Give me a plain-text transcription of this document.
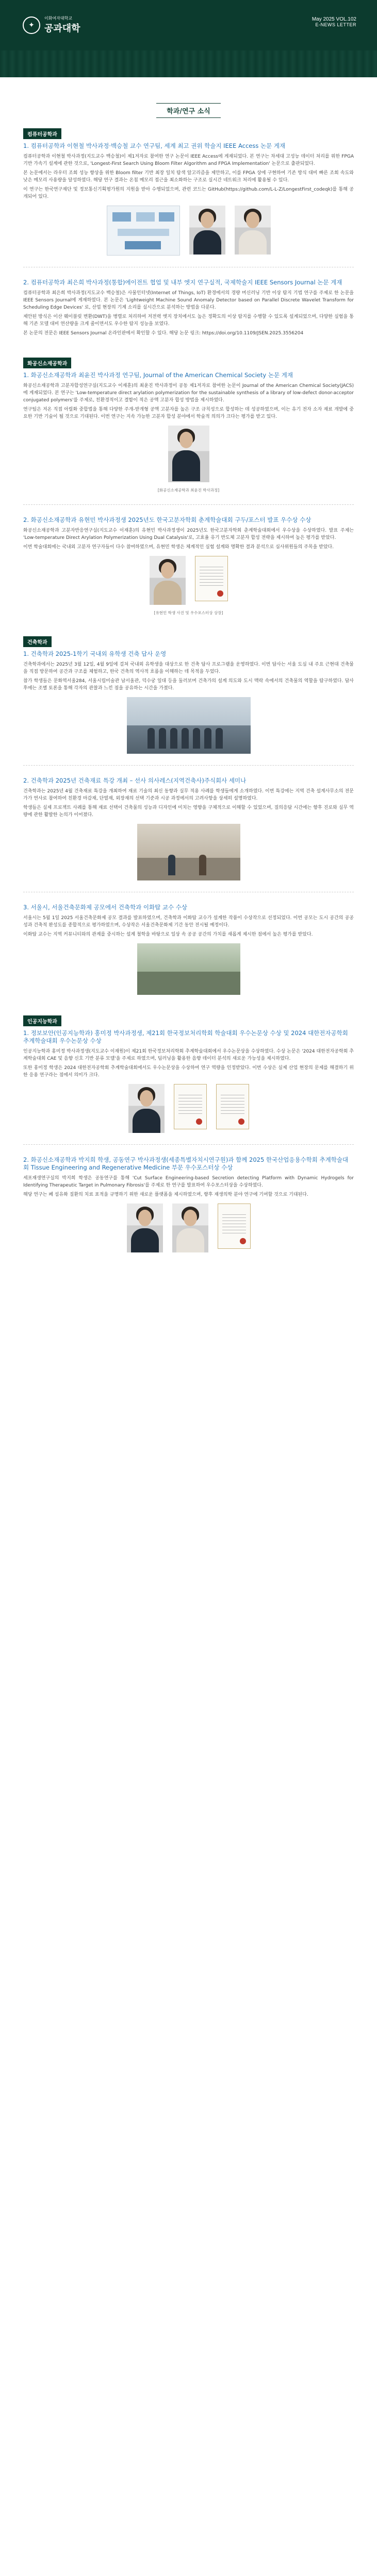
✦
이화여자대학교
공과대학
May 2025 VOL.102
E-NEWS LETTER
학과/연구 소식
컴퓨터공학과
1. 컴퓨터공학과 이현철 박사과정·백승철 교수 연구팀, 세계 최고 권위 학술지 IEEE Access 논문 게재

컴퓨터공학과 이현철 박사과정(지도교수 백승철)이 제1저자로 참여한 연구 논문이 IEEE Access에 게재되었다. 본 연구는 차세대 고성능 데이터 처리를 위한 FPGA 기반 가속기 설계에 관한 것으로, 'Longest-First Search Using Bloom Filter Algorithm and FPGA Implementation' 논문으로 출판되었다.

본 논문에서는 라우터 조회 성능 향상을 위한 Bloom filter 기반 최장 일치 탐색 알고리즘을 제안하고, 이를 FPGA 상에 구현하여 기존 방식 대비 빠른 조회 속도와 낮은 메모리 사용량을 달성하였다. 해당 연구 결과는 온칩 메모리 접근을 최소화하는 구조로 실시간 네트워크 처리에 활용될 수 있다.

이 연구는 한국연구재단 및 정보통신기획평가원의 지원을 받아 수행되었으며, 관련 코드는 GitHub(https://github.com/L-L-Z/LongestFirst_codeqk)를 통해 공개되어 있다.

2. 컴퓨터공학과 최은희 박사과정(통합)에이전트 협업 및 내부 엣지 연구실적, 국제학술지 IEEE Sensors Journal 논문 게재

컴퓨터공학과 최은희 박사과정(지도교수 백승철)은 사물인터넷(Internet of Things, IoT) 환경에서의 경량 머신러닝 기반 이상 탐지 기법 연구를 주제로 한 논문을 IEEE Sensors Journal에 게재하였다. 본 논문은 'Lightweight Machine Sound Anomaly Detector based on Parallel Discrete Wavelet Transform for Scheduling Edge Devices' 로, 산업 현장의 기계 소리를 실시간으로 분석하는 방법을 다룬다.

제안된 방식은 이산 웨이블릿 변환(DWT)을 병렬로 처리하여 저전력 엣지 장치에서도 높은 정확도의 이상 탐지를 수행할 수 있도록 설계되었으며, 다양한 실험을 통해 기존 모델 대비 연산량을 크게 줄이면서도 우수한 탐지 성능을 보였다.

본 논문의 전문은 IEEE Sensors Journal 온라인판에서 확인할 수 있다. 해당 논문 링크: https://doi.org/10.1109/JSEN.2025.3556204

화공신소재공학과
1. 화공신소재공학과 최윤진 박사과정 연구팀, Journal of the American Chemical Society 논문 게재

화공신소재공학과 고분자합성연구실(지도교수 이재훈)의 최윤진 박사과정이 공동 제1저자로 참여한 논문이 Journal of the American Chemical Society(JACS)에 게재되었다. 본 연구는 'Low-temperature direct arylation polymerization for the sustainable synthesis of a library of low-defect donor-acceptor conjugated polymers'를 주제로, 친환경적이고 결함이 적은 공액 고분자 합성 방법을 제시하였다.

연구팀은 저온 직접 아릴화 중합법을 통해 다양한 주개-받개형 공액 고분자를 높은 구조 규칙성으로 합성하는 데 성공하였으며, 이는 유기 전자 소자 재료 개발에 중요한 기반 기술이 될 것으로 기대된다. 이번 연구는 지속 가능한 고분자 합성 분야에서 학술적 의의가 크다는 평가를 받고 있다.

[화공신소재공학과 최윤진 박사과정]
2. 화공신소재공학과 유현민 박사과정생 2025년도 한국고분자학회 춘계학술대회 구두/포스터 발표 우수상 수상

화공신소재공학과 고분자반응연구실(지도교수 이재훈)의 유현민 박사과정생이 2025년도 한국고분자학회 춘계학술대회에서 우수상을 수상하였다. 발표 주제는 'Low-temperature Direct Arylation Polymerization Using Dual Catalysis'로, 고효율 유기 반도체 고분자 합성 전략을 제시하여 높은 평가를 받았다.

이번 학술대회에는 국내외 고분자 연구자들이 다수 참여하였으며, 유현민 학생은 체계적인 실험 설계와 명확한 결과 분석으로 심사위원들의 주목을 받았다.

[유현민 학생 사진 및 우수포스터상 상장]
건축학과
1. 건축학과 2025-1학기 국내외 유학생 건축 답사 운영

건축학과에서는 2025년 3월 12일, 4월 9일에 걸쳐 국내외 유학생을 대상으로 한 건축 답사 프로그램을 운영하였다. 이번 답사는 서울 도심 내 주요 근현대 건축물을 직접 방문하여 공간과 구조를 체험하고, 한국 건축의 역사적 흐름을 이해하는 데 목적을 두었다.

참가 학생들은 문화역서울284, 서울시립미술관 남서울관, 덕수궁 일대 등을 둘러보며 건축가의 설계 의도와 도시 맥락 속에서의 건축물의 역할을 탐구하였다. 답사 후에는 조별 토론을 통해 각자의 관찰과 느낀 점을 공유하는 시간을 가졌다.

2. 건축학과 2025년 건축재료 특강 개최 – 선사 의사레스(지역건축사)주식회사 세미나

건축학과는 2025년 4월 건축재료 특강을 개최하여 재료 기술의 최신 동향과 실무 적용 사례를 학생들에게 소개하였다. 이번 특강에는 지역 건축 설계사무소의 전문가가 연사로 참여하여 친환경 마감재, 단열재, 외장재의 선택 기준과 시공 과정에서의 고려사항을 상세히 설명하였다.

학생들은 실제 프로젝트 사례를 통해 재료 선택이 건축물의 성능과 디자인에 미치는 영향을 구체적으로 이해할 수 있었으며, 질의응답 시간에는 향후 진로와 실무 역량에 관한 활발한 논의가 이어졌다.

3. 서울시, 서울건축문화제 공모에서 건축학과 이화탑 교수 수상

서울시는 5월 1일 2025 서울건축문화제 공모 결과를 발표하였으며, 건축학과 이화탑 교수가 설계한 작품이 수상작으로 선정되었다. 이번 공모는 도시 공간의 공공성과 건축적 완성도를 종합적으로 평가하였으며, 수상작은 서울건축문화제 기간 동안 전시될 예정이다.

이화탑 교수는 지역 커뮤니티와의 관계를 중시하는 설계 철학을 바탕으로 일상 속 공공 공간의 가치를 새롭게 제시한 점에서 높은 평가를 받았다.

인공지능학과
1. 정보보안(인공지능학과) 홍미정 박사과정생, 제21회 한국정보처리학회 학술대회 우수논문상 수상 및 2024 대한전자공학회 추계학술대회 우수논문상 수상

인공지능학과 홍미정 박사과정생(지도교수 이재원)이 제21회 한국정보처리학회 추계학술대회에서 우수논문상을 수상하였다. 수상 논문은 '2024 대한전자공학회 추계학술대회 CAE 및 음향 신호 기반 분류 모델'을 주제로 하였으며, 딥러닝을 활용한 음향 데이터 분석의 새로운 가능성을 제시하였다.

또한 홍미정 학생은 2024 대한전자공학회 추계학술대회에서도 우수논문상을 수상하여 연구 역량을 인정받았다. 이번 수상은 실제 산업 현장의 문제를 해결하기 위한 응용 연구라는 점에서 의미가 크다.

2. 화공신소재공학과 박지희 학생, 공동연구 박사과정생(세종특별자치시연구원)과 함께 2025 한국산업응용수학회 추계학술대회 Tissue Engineering and Regenerative Medicine 부문 우수포스터상 수상

세포재생연구실의 박지희 학생은 공동연구를 통해 'Cut Surface Engineering-based Secretion detecting Platform with Dynamic Hydrogels for Identifying Therapeutic Target in Pulmonary Fibrosis'를 주제로 한 연구를 발표하여 우수포스터상을 수상하였다.

해당 연구는 폐 섬유화 질환의 치료 표적을 규명하기 위한 새로운 플랫폼을 제시하였으며, 향후 재생의학 분야 연구에 기여할 것으로 기대된다.
